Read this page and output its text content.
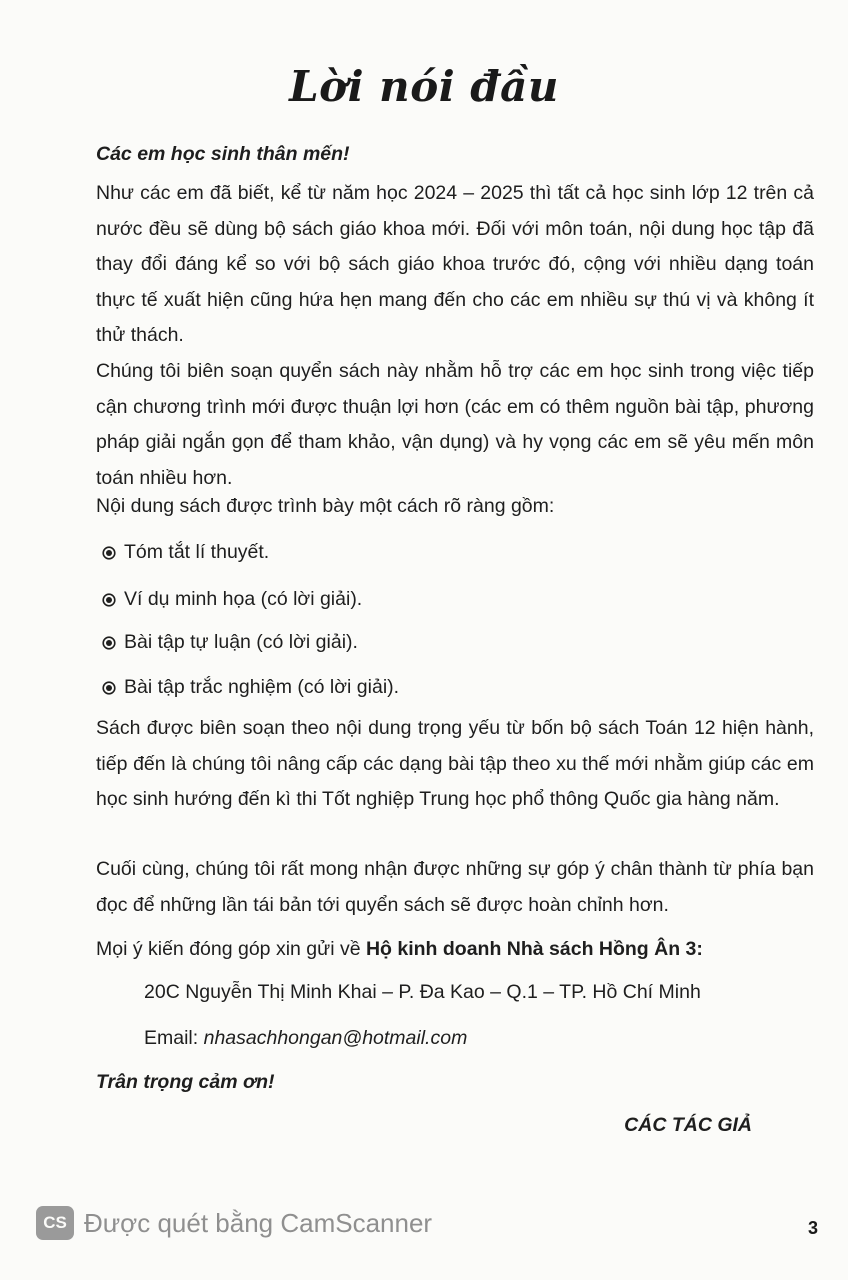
Lời nói đầu
Các em học sinh thân mến!
Như các em đã biết, kể từ năm học 2024 – 2025 thì tất cả học sinh lớp 12 trên cả nước đều sẽ dùng bộ sách giáo khoa mới. Đối với môn toán, nội dung học tập đã thay đổi đáng kể so với bộ sách giáo khoa trước đó, cộng với nhiều dạng toán thực tế xuất hiện cũng hứa hẹn mang đến cho các em nhiều sự thú vị và không ít thử thách.
Chúng tôi biên soạn quyển sách này nhằm hỗ trợ các em học sinh trong việc tiếp cận chương trình mới được thuận lợi hơn (các em có thêm nguồn bài tập, phương pháp giải ngắn gọn để tham khảo, vận dụng) và hy vọng các em sẽ yêu mến môn toán nhiều hơn.
Nội dung sách được trình bày một cách rõ ràng gồm:
Tóm tắt lí thuyết.
Ví dụ minh họa (có lời giải).
Bài tập tự luận (có lời giải).
Bài tập trắc nghiệm (có lời giải).
Sách được biên soạn theo nội dung trọng yếu từ bốn bộ sách Toán 12 hiện hành, tiếp đến là chúng tôi nâng cấp các dạng bài tập theo xu thế mới nhằm giúp các em học sinh hướng đến kì thi Tốt nghiệp Trung học phổ thông Quốc gia hàng năm.
Cuối cùng, chúng tôi rất mong nhận được những sự góp ý chân thành từ phía bạn đọc để những lần tái bản tới quyển sách sẽ được hoàn chỉnh hơn.
Mọi ý kiến đóng góp xin gửi về Hộ kinh doanh Nhà sách Hồng Ân 3:
20C Nguyễn Thị Minh Khai – P. Đa Kao – Q.1 – TP. Hồ Chí Minh
Email: nhasachhongan@hotmail.com
Trân trọng cảm ơn!
CÁC TÁC GIẢ
CS Được quét bằng CamScanner	3
